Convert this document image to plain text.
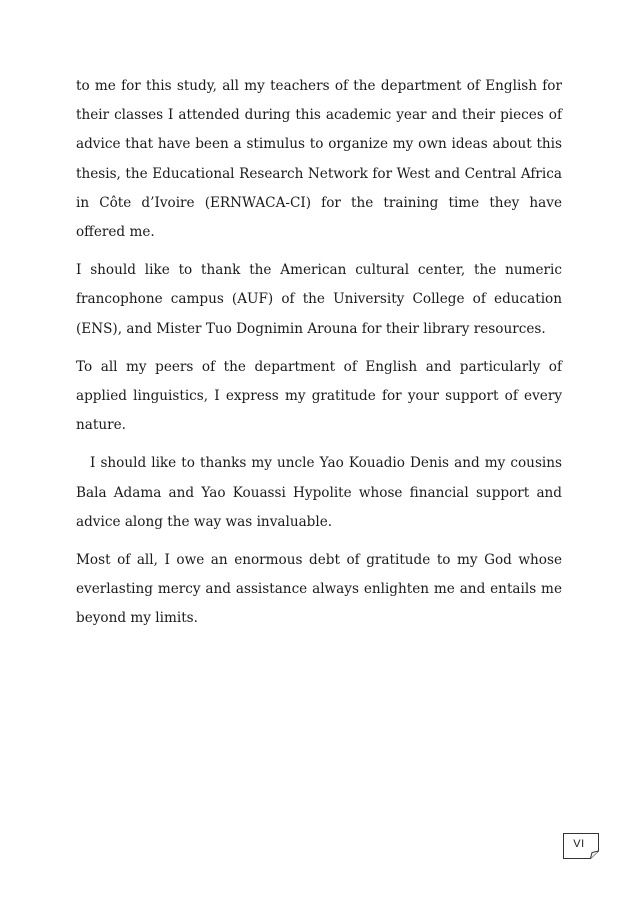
to me for this study, all my teachers of the department of English for their classes I attended during this academic year and their pieces of advice that have been a stimulus to organize my own ideas about this thesis, the Educational Research Network for West and Central Africa in Côte d’Ivoire (ERNWACA-CI) for the training time they have offered me.

I should like to thank the American cultural center, the numeric francophone campus (AUF) of the University College of education (ENS), and Mister Tuo Dognimin Arouna for their library resources.

To all my peers of the department of English and particularly of applied linguistics, I express my gratitude for your support of every nature.

I should like to thanks my uncle Yao Kouadio Denis and my cousins Bala Adama and Yao Kouassi Hypolite whose financial support and advice along the way was invaluable.

Most of all, I owe an enormous debt of gratitude to my God whose everlasting mercy and assistance always enlighten me and entails me beyond my limits.

VI
